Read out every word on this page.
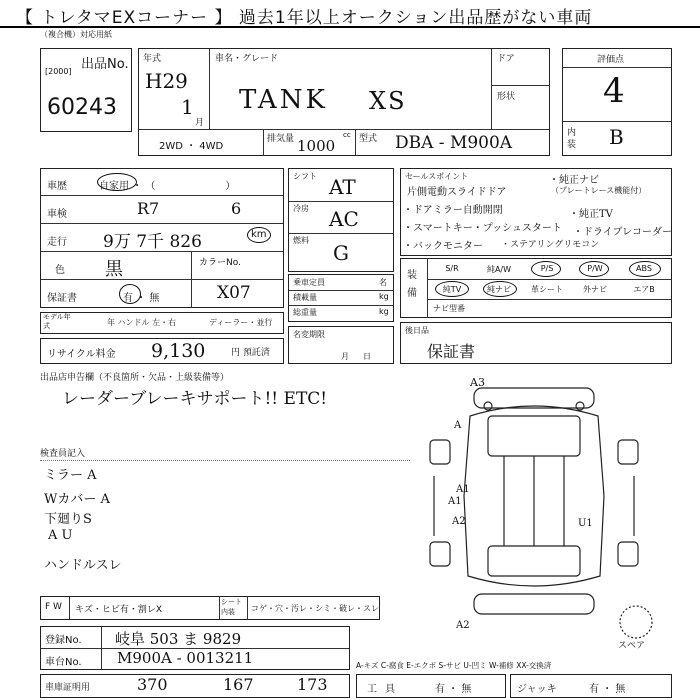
【 トレタマEXコーナー 】 過去1年以上オークション出品歴がない車両
（複合機）対応用紙
出品No.
[2000]
60243
年式
H29
1
月
車名・グレード
TANK XS
ドア
形状
2WD ・ 4WD
排気量 1000
cc 型式 DBA - M900A
評価点
4
内装 B
車歴	自家用 ・ （　　　　　　　）
車検	R7	6
走行 9万 7千 826	km
色 黒	カラーNo.
X07
保証書	有 ・ 無
モデル年式	年 ハンドル 左・右	ディーラー・並行
リサイクル料金 9,130	円 預託済
シフト AT
冷房 AC
燃料
G
乗車定員	名
積載量	kg
総重量	kg
名変期限
月日
セールスポイント
片側電動スライドドア
・ドアミラー自動開閉
・スマートキー・プッシュスタート
・バックモニター ・ステアリングリモコン
・純正ナビ
（プレートレース機能付）
・純正TV
・ドライブレコーダー
装備
S/R	純A/W	P/S	P/W	ABS
純TV	純ナビ	革シート	外ナビ	エアB
ナビ型番
後日品
保証書
出品店申告欄（不良箇所・欠品・上級装備等）
レーダーブレーキサポート!! ETC!
検査員記入
ミラー A
Wカバー A
下廻りS
A U
ハンドルスレ
A3
A
A1
A1
A2
A2
U1
スペア
F W キズ・ヒビ有・割レX
シート内装	コゲ・穴・汚レ・シミ・破レ・スレ
登録No. 岐阜 503 ま 9829
車台No. M900A - 0013211	A-キズ C-腐食 E-エクボ S-サビ U-凹ミ W-補修 XX-交換済
車庫証明用	370	167	173	工具	有 ・ 無	ジャッキ	有 ・ 無
